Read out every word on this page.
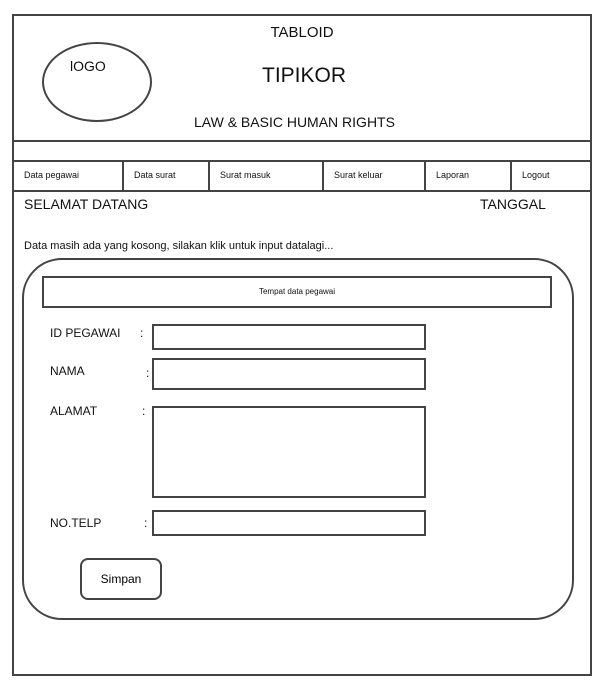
lOGO
TABLOID
TIPIKOR
LAW & BASIC HUMAN RIGHTS
Data pegawai	Data surat	Surat masuk	Surat keluar	Laporan	Logout
SELAMAT DATANG	TANGGAL
Data masih ada yang kosong, silakan klik untuk input datalagi...
Tempat data pegawai
ID PEGAWAI :
NAMA	:
ALAMAT	:
NO.TELP	:
Simpan
